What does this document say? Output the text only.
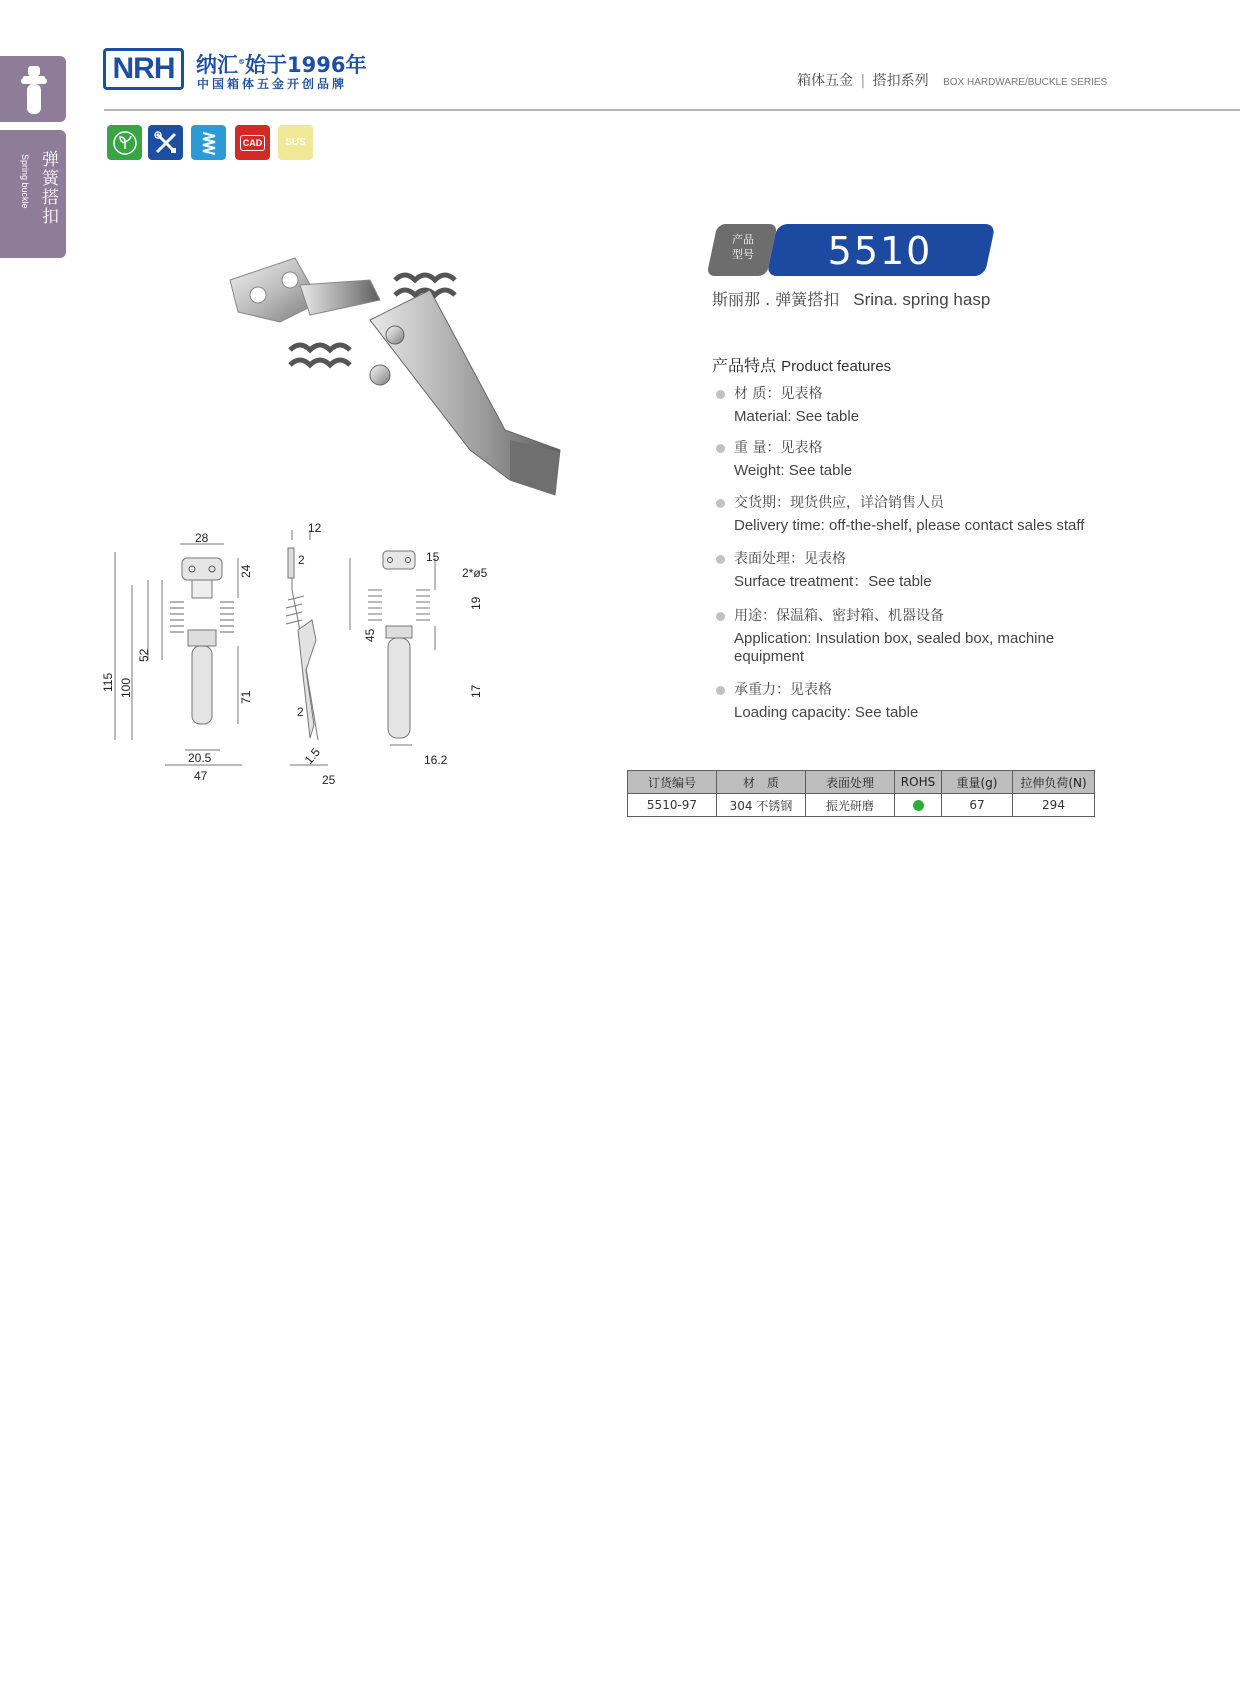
弹簧搭扣
Spring buckle
NRH	纳汇®始于1996年
中国箱体五金开创品牌	箱体五金 | 搭扣系列 BOX HARDWARE/BUCKLE SERIES
CAD	SUS
28
24
52
115 100	71
20.5
47
12
2
2
1.5
25
15
2*ø5
45
19
17
16.2
产品
型号	5510
斯丽那 . 弹簧搭扣 Srina. spring hasp
产品特点 Product features
材 质：见表格
Material: See table
重 量：见表格
Weight: See table
交货期：现货供应，详洽销售人员
Delivery time: off-the-shelf, please contact sales staff
表面处理：见表格
Surface treatment：See table
用途：保温箱、密封箱、机器设备
Application: Insulation box, sealed box, machine equipment
承重力：见表格
Loading capacity: See table
订货编号	材　质	表面处理	ROHS	重量(g)	拉伸负荷(N)
5510-97	304 不锈钢	振光研磨		67	294
